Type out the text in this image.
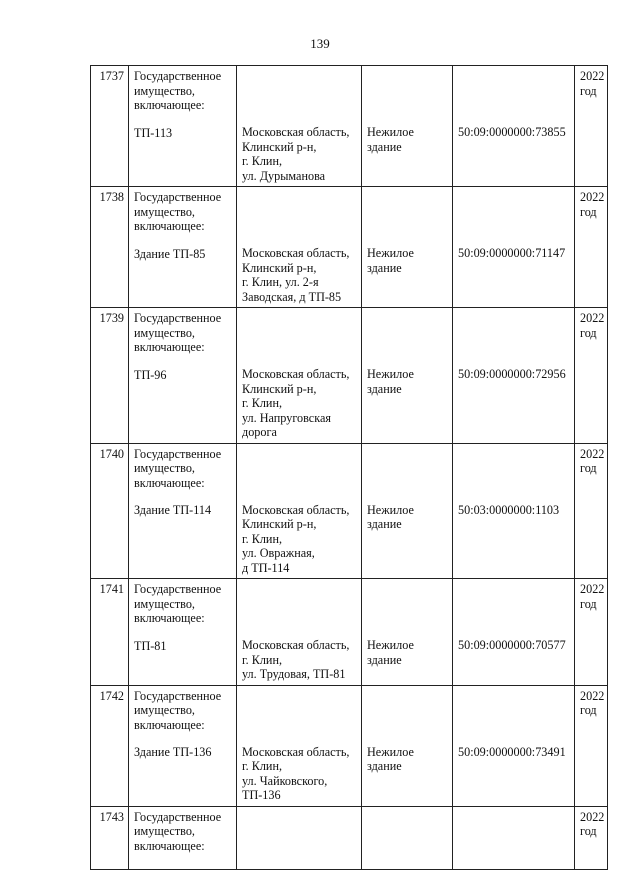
139
1737	Государственное
имущество,
включающее:
ТП-113	Московская область,
Клинский р-н,
г. Клин,
ул. Дурыманова	Нежилое
здание	50:09:0000000:73855	2022
год

1738	Государственное
имущество,
включающее:
Здание ТП-85	Московская область,
Клинский р-н,
г. Клин, ул. 2-я
Заводская, д ТП-85	Нежилое
здание	50:09:0000000:71147	2022
год

1739	Государственное
имущество,
включающее:
ТП-96	Московская область,
Клинский р-н,
г. Клин,
ул. Напруговская
дорога	Нежилое
здание	50:09:0000000:72956	2022
год

1740	Государственное
имущество,
включающее:
Здание ТП-114	Московская область,
Клинский р-н,
г. Клин,
ул. Овражная,
д ТП-114	Нежилое
здание	50:03:0000000:1103	2022
год

1741	Государственное
имущество,
включающее:
ТП-81	Московская область,
г. Клин,
ул. Трудовая, ТП-81	Нежилое
здание	50:09:0000000:70577	2022
год

1742	Государственное
имущество,
включающее:
Здание ТП-136	Московская область,
г. Клин,
ул. Чайковского,
ТП-136	Нежилое
здание	50:09:0000000:73491	2022
год

1743	Государственное
имущество,
включающее:				2022
год
